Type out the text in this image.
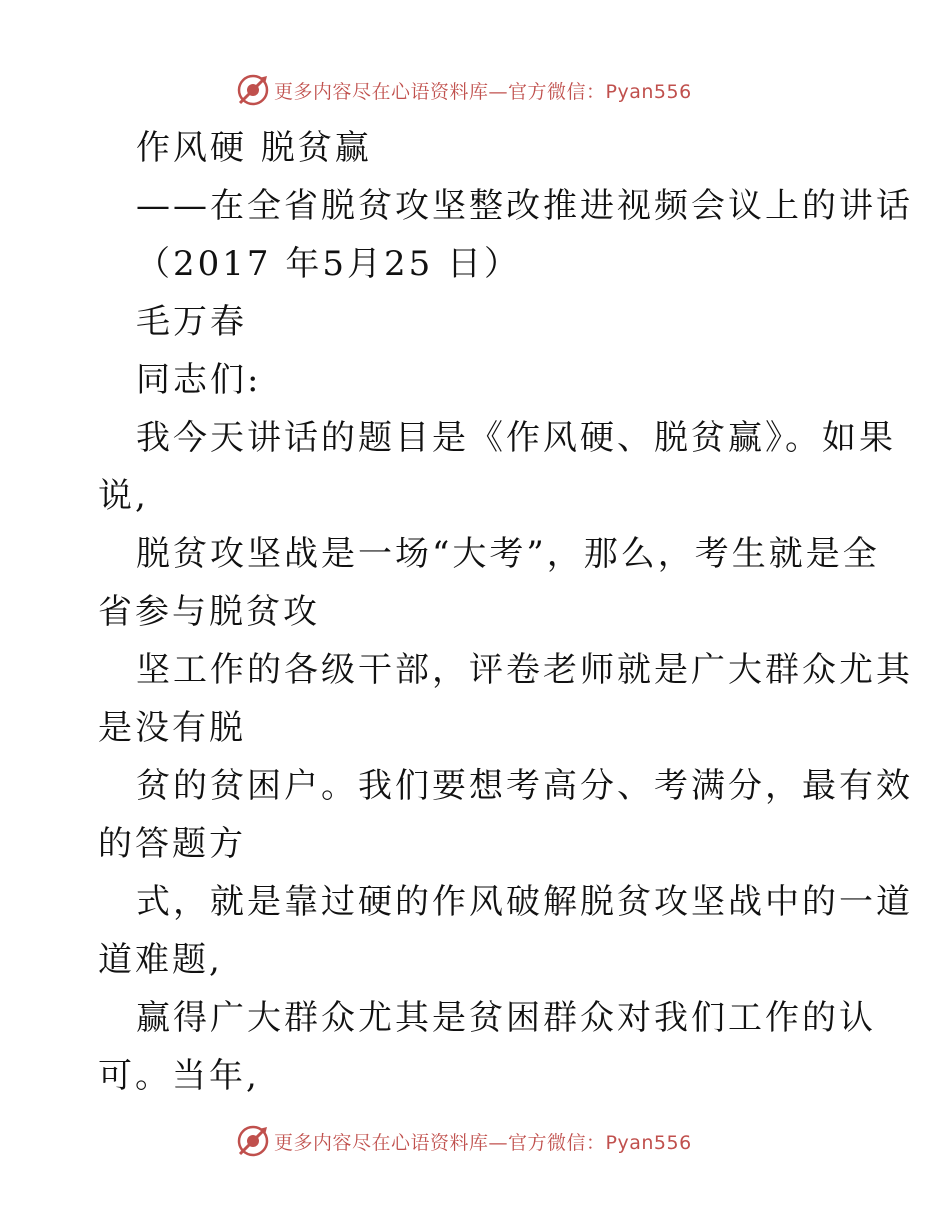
更多内容尽在心语资料库—官方微信：Pyan556
作风硬 脱贫赢
——在全省脱贫攻坚整改推进视频会议上的讲话
（2017 年5月25 日）
毛万春
同志们:
我今天讲话的题目是《作风硬、脱贫赢》。如果
说,
脱贫攻坚战是一场“大考”，那么，考生就是全
省参与脱贫攻
坚工作的各级干部，评卷老师就是广大群众尤其
是没有脱
贫的贫困户。我们要想考高分、考满分，最有效
的答题方
式，就是靠过硬的作风破解脱贫攻坚战中的一道
道难题,
赢得广大群众尤其是贫困群众对我们工作的认
可。当年,
更多内容尽在心语资料库—官方微信：Pyan556
